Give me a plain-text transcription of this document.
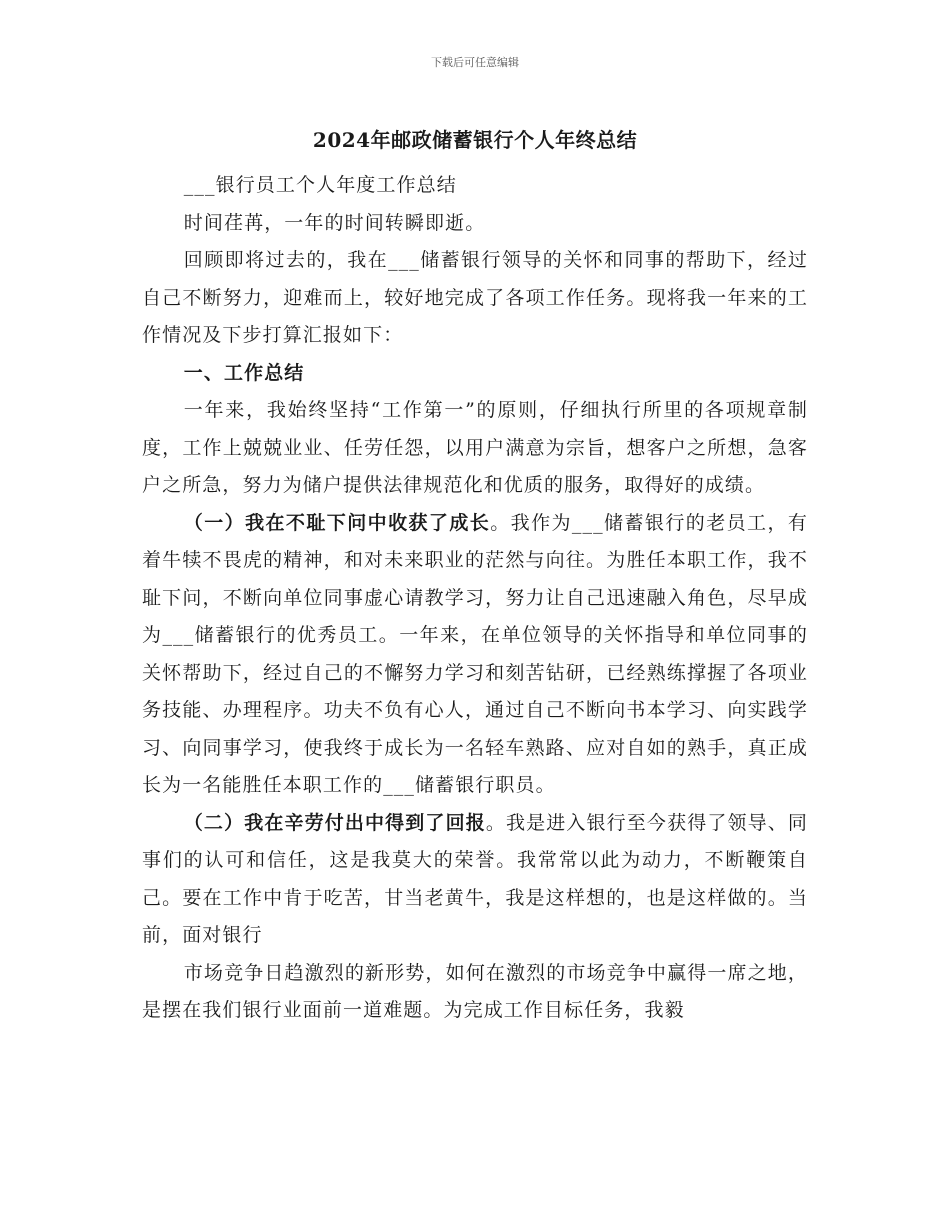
下载后可任意编辑
2024年邮政储蓄银行个人年终总结

___银行员工个人年度工作总结

时间荏苒，一年的时间转瞬即逝。

回顾即将过去的，我在___储蓄银行领导的关怀和同事的帮助下，经过自己不断努力，迎难而上，较好地完成了各项工作任务。现将我一年来的工作情况及下步打算汇报如下：

一、工作总结

一年来，我始终坚持“工作第一”的原则，仔细执行所里的各项规章制度，工作上兢兢业业、任劳任怨，以用户满意为宗旨，想客户之所想，急客户之所急，努力为储户提供法律规范化和优质的服务，取得好的成绩。

（一）我在不耻下问中收获了成长。我作为___储蓄银行的老员工，有着牛犊不畏虎的精神，和对未来职业的茫然与向往。为胜任本职工作，我不耻下问，不断向单位同事虚心请教学习，努力让自己迅速融入角色，尽早成为___储蓄银行的优秀员工。一年来，在单位领导的关怀指导和单位同事的关怀帮助下，经过自己的不懈努力学习和刻苦钻研，已经熟练撑握了各项业务技能、办理程序。功夫不负有心人，通过自己不断向书本学习、向实践学习、向同事学习，使我终于成长为一名轻车熟路、应对自如的熟手，真正成长为一名能胜任本职工作的___储蓄银行职员。

（二）我在辛劳付出中得到了回报。我是进入银行至今获得了领导、同事们的认可和信任，这是我莫大的荣誉。我常常以此为动力，不断鞭策自己。要在工作中肯于吃苦，甘当老黄牛，我是这样想的，也是这样做的。当前，面对银行

市场竞争日趋激烈的新形势，如何在激烈的市场竞争中赢得一席之地，是摆在我们银行业面前一道难题。为完成工作目标任务，我毅
